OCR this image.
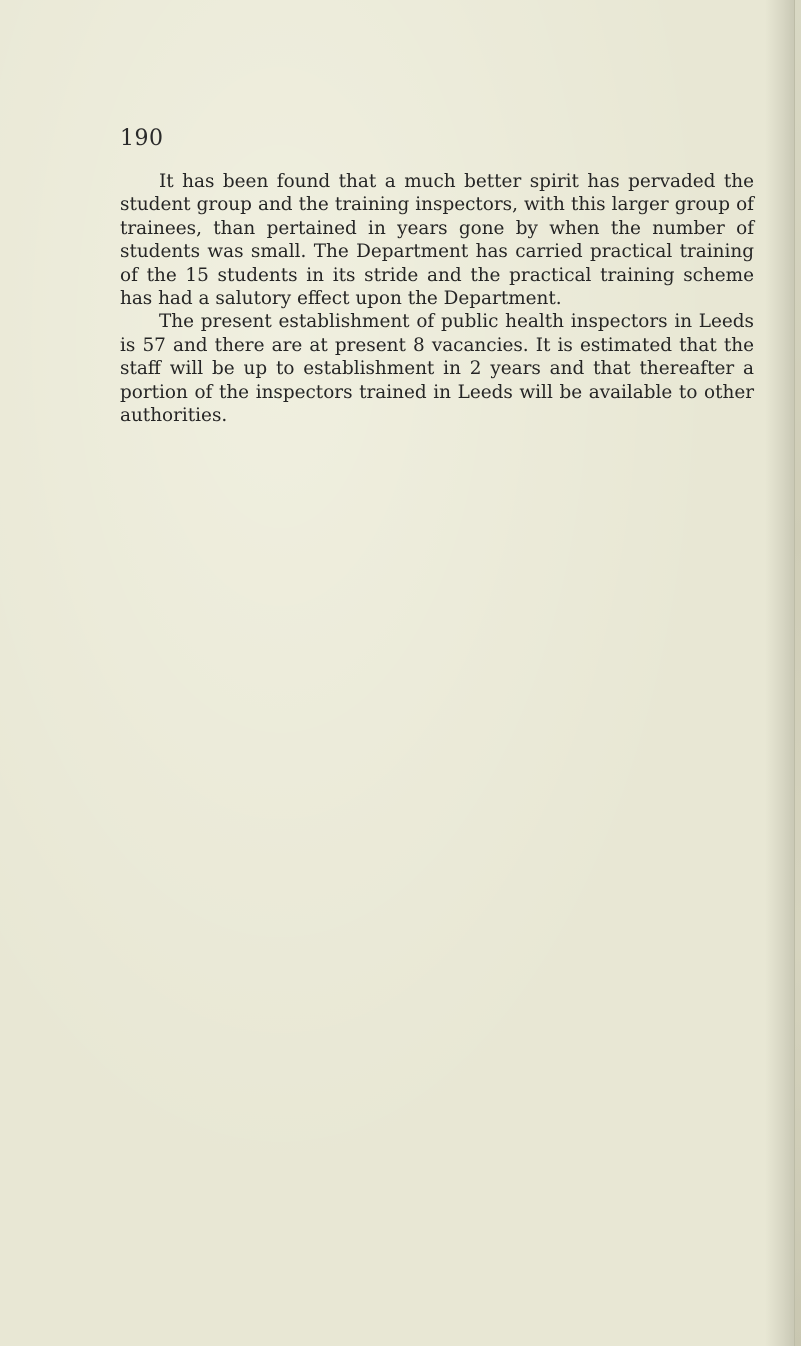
190

It has been found that a much better spirit has pervaded the student group and the training inspectors, with this larger group of trainees, than pertained in years gone by when the number of students was small. The Department has carried practical training of the 15 students in its stride and the practical training scheme has had a salutory effect upon the Department.

The present establishment of public health inspectors in Leeds is 57 and there are at present 8 vacancies. It is estimated that the staff will be up to establishment in 2 years and that thereafter a portion of the inspectors trained in Leeds will be available to other authorities.
